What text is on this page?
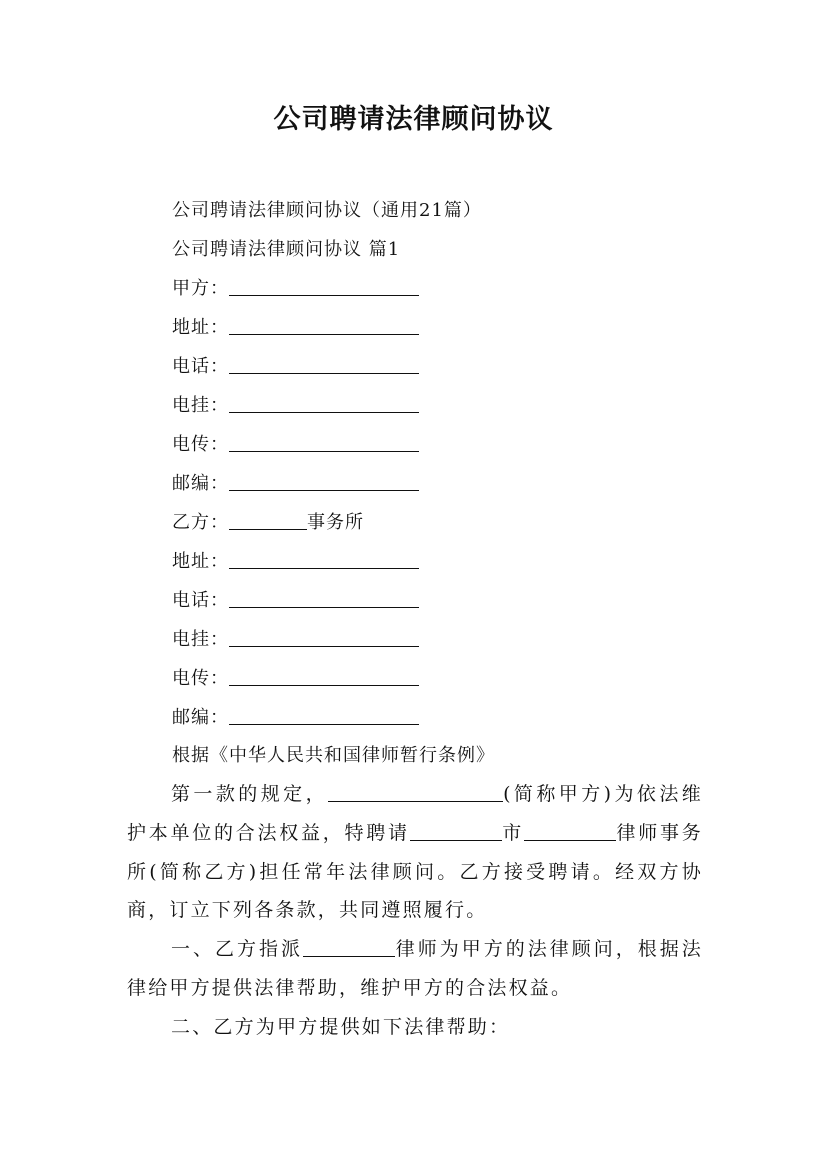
公司聘请法律顾问协议
公司聘请法律顾问协议（通用21篇）
公司聘请法律顾问协议 篇1
甲方：
地址：
电话：
电挂：
电传：
邮编：
乙方：	事务所
地址：
电话：
电挂：
电传：
邮编：
根据《中华人民共和国律师暂行条例》
第一款的规定，	(简称甲方)为依法维护本单位的合法权益，特聘请	市	律师事务所(简称乙方)担任常年法律顾问。乙方接受聘请。经双方协商，订立下列各条款，共同遵照履行。
一、乙方指派	律师为甲方的法律顾问，根据法律给甲方提供法律帮助，维护甲方的合法权益。
二、乙方为甲方提供如下法律帮助：
